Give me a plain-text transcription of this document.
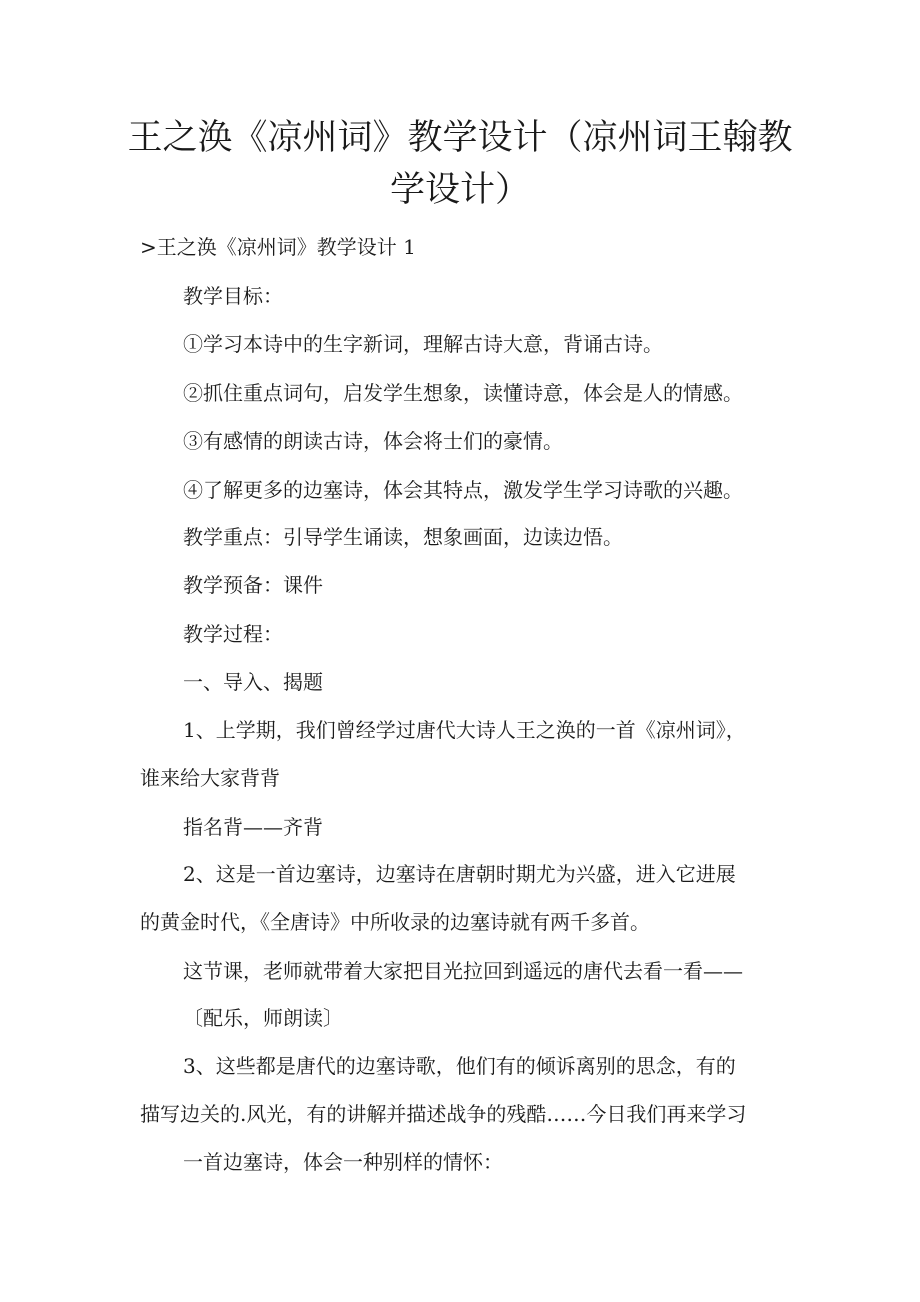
王之涣《凉州词》教学设计（凉州词王翰教学设计）

>王之涣《凉州词》教学设计 1

教学目标：

①学习本诗中的生字新词，理解古诗大意，背诵古诗。

②抓住重点词句，启发学生想象，读懂诗意，体会是人的情感。

③有感情的朗读古诗，体会将士们的豪情。

④了解更多的边塞诗，体会其特点，激发学生学习诗歌的兴趣。

教学重点：引导学生诵读，想象画面，边读边悟。

教学预备：课件

教学过程：

一、导入、揭题

1、上学期，我们曾经学过唐代大诗人王之涣的一首《凉州词》，

谁来给大家背背

指名背——齐背

2、这是一首边塞诗，边塞诗在唐朝时期尤为兴盛，进入它进展

的黄金时代，《全唐诗》中所收录的边塞诗就有两千多首。

这节课，老师就带着大家把目光拉回到遥远的唐代去看一看——

〔配乐，师朗读〕

3、这些都是唐代的边塞诗歌，他们有的倾诉离别的思念，有的

描写边关的.风光，有的讲解并描述战争的残酷……今日我们再来学习

一首边塞诗，体会一种别样的情怀：
